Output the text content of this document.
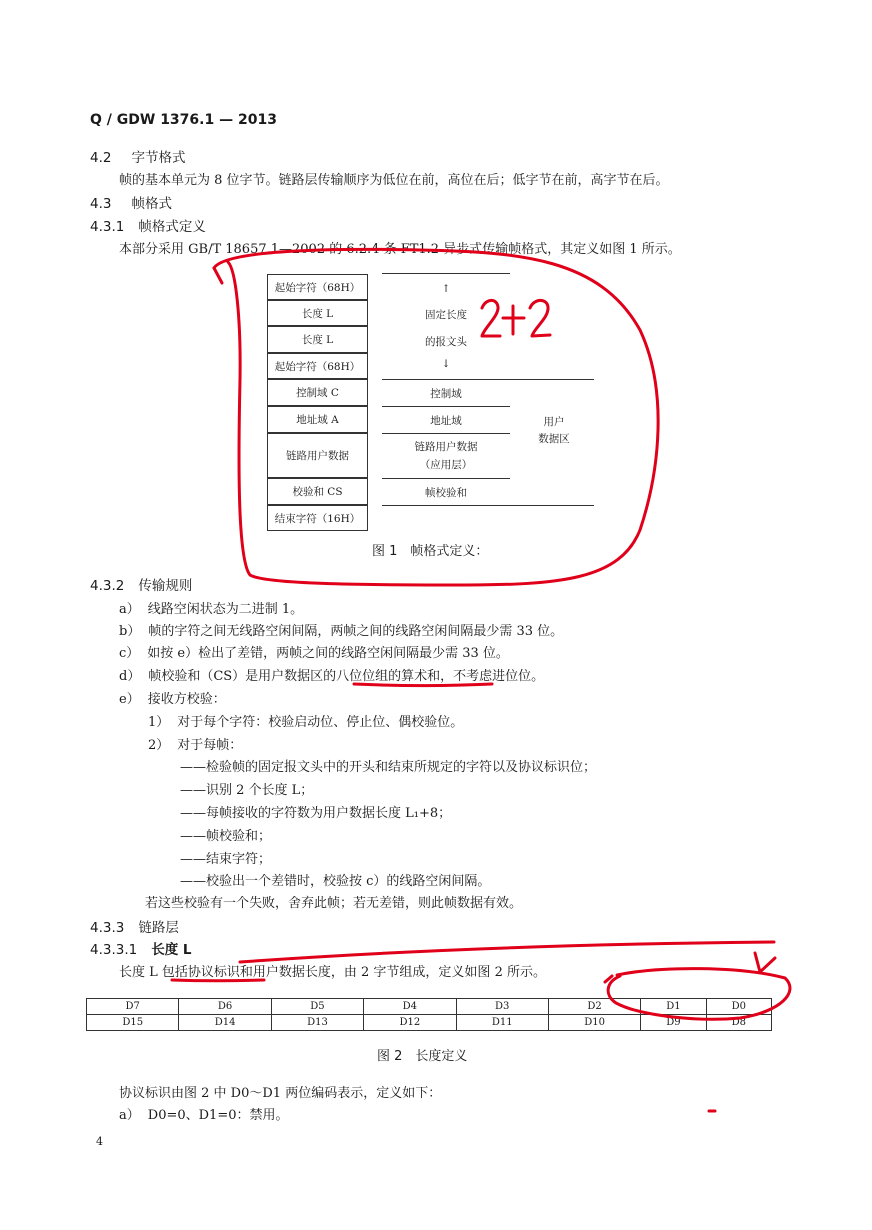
Q / GDW 1376.1 — 2013
4.2 字节格式
帧的基本单元为 8 位字节。链路层传输顺序为低位在前，高位在后；低字节在前，高字节在后。
4.3 帧格式
4.3.1 帧格式定义
本部分采用 GB/T 18657.1—2002 的 6.2.4 条 FT1.2 异步式传输帧格式，其定义如图 1 所示。
起始字符（68H）
长度 L
长度 L
起始字符（68H）
控制域 C
地址域 A
链路用户数据
校验和 CS
结束字符（16H）
↑
固定长度
的报文头
↓
控制域
地址域
链路用户数据
（应用层）
帧校验和
用户
数据区
图 1　帧格式定义：
4.3.2 传输规则
a） 线路空闲状态为二进制 1。
b） 帧的字符之间无线路空闲间隔，两帧之间的线路空闲间隔最少需 33 位。
c） 如按 e）检出了差错，两帧之间的线路空闲间隔最少需 33 位。
d） 帧校验和（CS）是用户数据区的八位位组的算术和，不考虑进位位。
e） 接收方校验：
1） 对于每个字符：校验启动位、停止位、偶校验位。
2） 对于每帧：
——检验帧的固定报文头中的开头和结束所规定的字符以及协议标识位；
——识别 2 个长度 L；
——每帧接收的字符数为用户数据长度 L₁+8；
——帧校验和；
——结束字符；
——校验出一个差错时，校验按 c）的线路空闲间隔。
若这些校验有一个失败，舍弃此帧；若无差错，则此帧数据有效。
4.3.3 链路层
4.3.3.1 长度 L
长度 L 包括协议标识和用户数据长度，由 2 字节组成，定义如图 2 所示。
D7	D6	D5	D4	D3	D2	D1	D0
D15	D14	D13	D12	D11	D10	D9	D8
图 2　长度定义
协议标识由图 2 中 D0～D1 两位编码表示，定义如下：
a） D0=0、D1=0：禁用。
4
